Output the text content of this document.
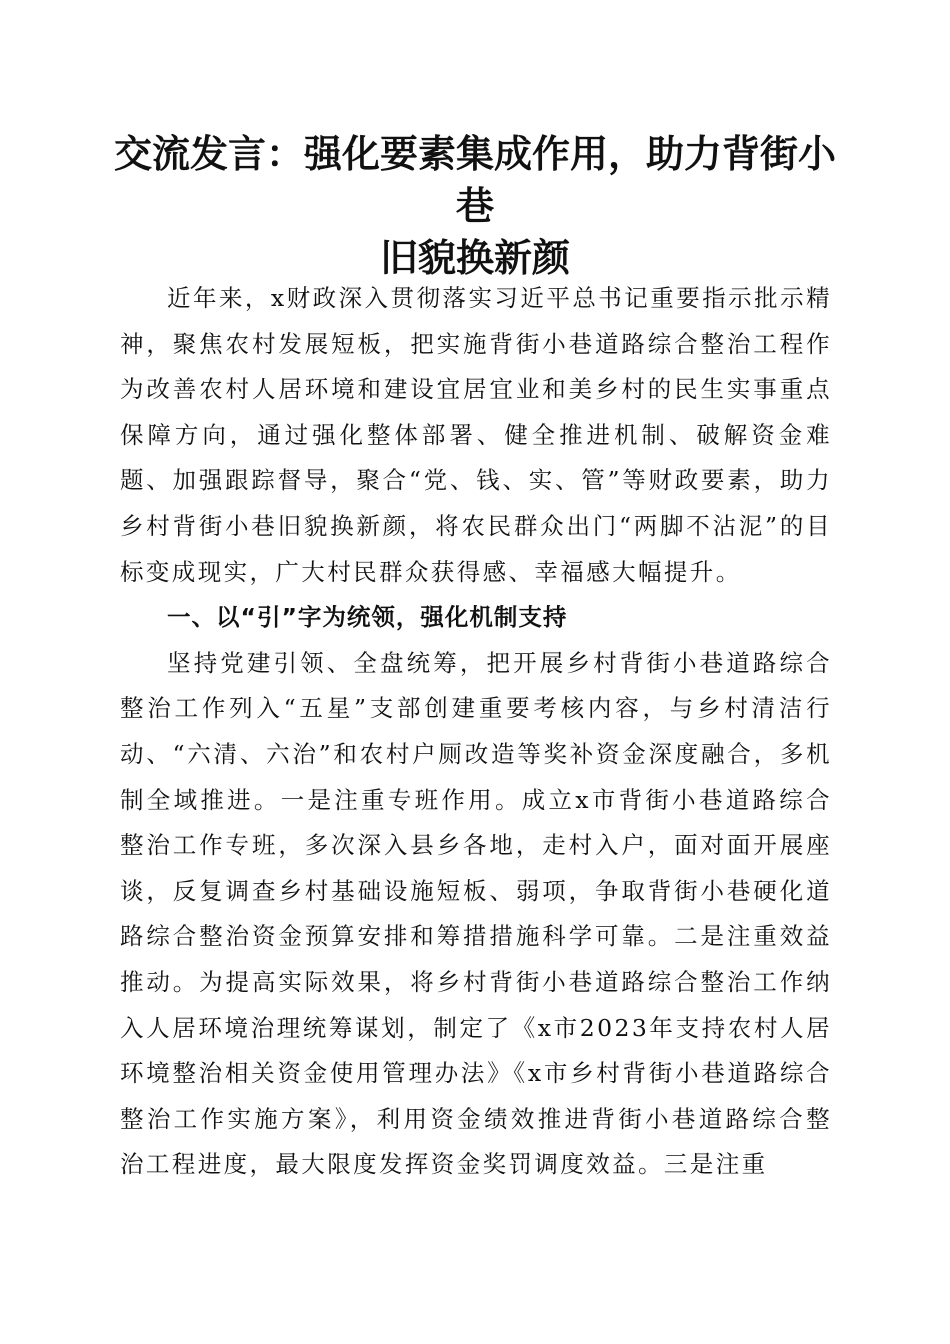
交流发言：强化要素集成作用，助力背街小巷
旧貌换新颜

近年来，x财政深入贯彻落实习近平总书记重要指示批示精神，聚焦农村发展短板，把实施背街小巷道路综合整治工程作为改善农村人居环境和建设宜居宜业和美乡村的民生实事重点保障方向，通过强化整体部署、健全推进机制、破解资金难题、加强跟踪督导，聚合“党、钱、实、管”等财政要素，助力乡村背街小巷旧貌换新颜，将农民群众出门“两脚不沾泥”的目标变成现实，广大村民群众获得感、幸福感大幅提升。

一、以“引”字为统领，强化机制支持

坚持党建引领、全盘统筹，把开展乡村背街小巷道路综合整治工作列入“五星”支部创建重要考核内容，与乡村清洁行动、“六清、六治”和农村户厕改造等奖补资金深度融合，多机制全域推进。一是注重专班作用。成立x市背街小巷道路综合整治工作专班，多次深入县乡各地，走村入户，面对面开展座谈，反复调查乡村基础设施短板、弱项，争取背街小巷硬化道路综合整治资金预算安排和筹措措施科学可靠。二是注重效益推动。为提高实际效果，将乡村背街小巷道路综合整治工作纳入人居环境治理统筹谋划，制定了《x市2023年支持农村人居环境整治相关资金使用管理办法》《x市乡村背街小巷道路综合整治工作实施方案》，利用资金绩效推进背街小巷道路综合整治工程进度，最大限度发挥资金奖罚调度效益。三是注重
